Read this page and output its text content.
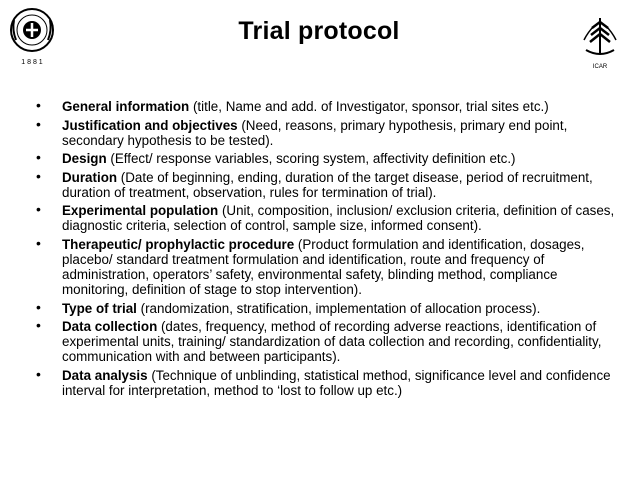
1 8 8 1
Trial protocol
ICAR
• General information (title, Name and add. of Investigator, sponsor, trial sites etc.)
• Justification and objectives (Need, reasons, primary hypothesis, primary end point, secondary hypothesis to be tested).
• Design (Effect/ response variables, scoring system, affectivity definition etc.)
• Duration (Date of beginning, ending, duration of the target disease, period of recruitment, duration of treatment, observation, rules for termination of trial).
• Experimental population (Unit, composition, inclusion/ exclusion criteria, definition of cases, diagnostic criteria, selection of control, sample size, informed consent).
• Therapeutic/ prophylactic procedure (Product formulation and identification, dosages, placebo/ standard treatment formulation and identification, route and frequency of administration, operators’ safety, environmental safety, blinding method, compliance monitoring, definition of stage to stop intervention).
• Type of trial (randomization, stratification, implementation of allocation process).
• Data collection (dates, frequency, method of recording adverse reactions, identification of experimental units, training/ standardization of data collection and recording, confidentiality, communication with and between participants).
• Data analysis (Technique of unblinding, statistical method, significance level and confidence interval for interpretation, method to ‘lost to follow up etc.)
